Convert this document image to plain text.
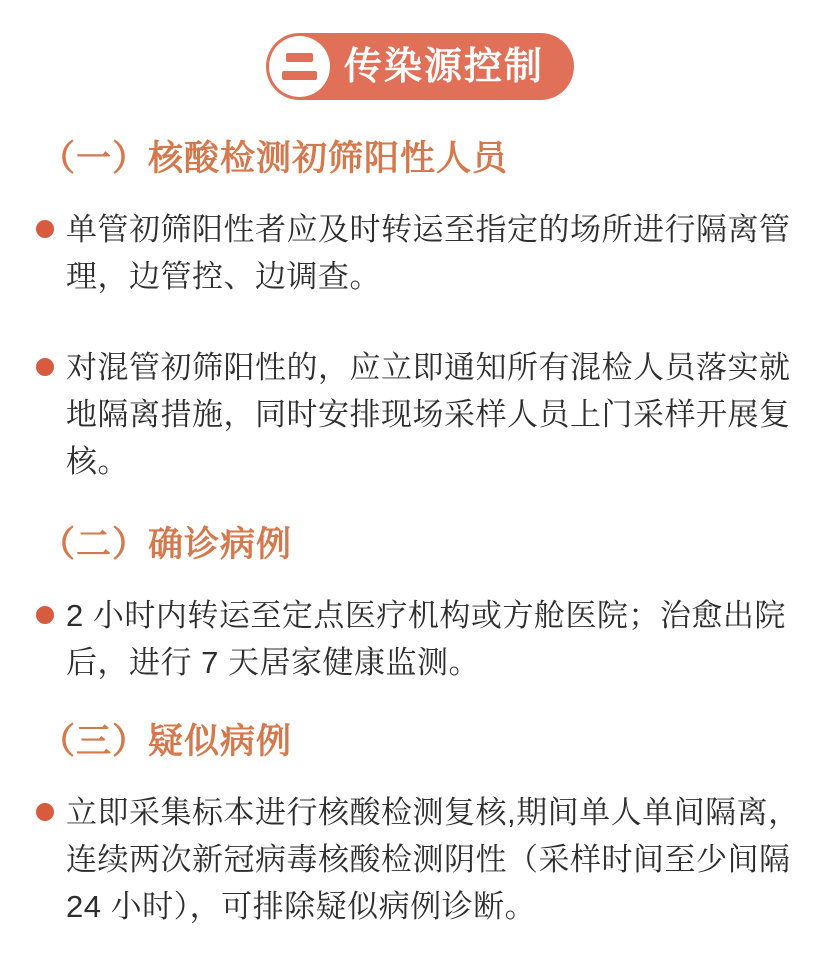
传染源控制
（一）核酸检测初筛阳性人员

单管初筛阳性者应及时转运至指定的场所进行隔离管理，边管控、边调查。

对混管初筛阳性的，应立即通知所有混检人员落实就地隔离措施，同时安排现场采样人员上门采样开展复核。

（二）确诊病例

2 小时内转运至定点医疗机构或方舱医院；治愈出院后，进行 7 天居家健康监测。

（三）疑似病例

立即采集标本进行核酸检测复核,期间单人单间隔离，连续两次新冠病毒核酸检测阴性（采样时间至少间隔 24 小时），可排除疑似病例诊断。
